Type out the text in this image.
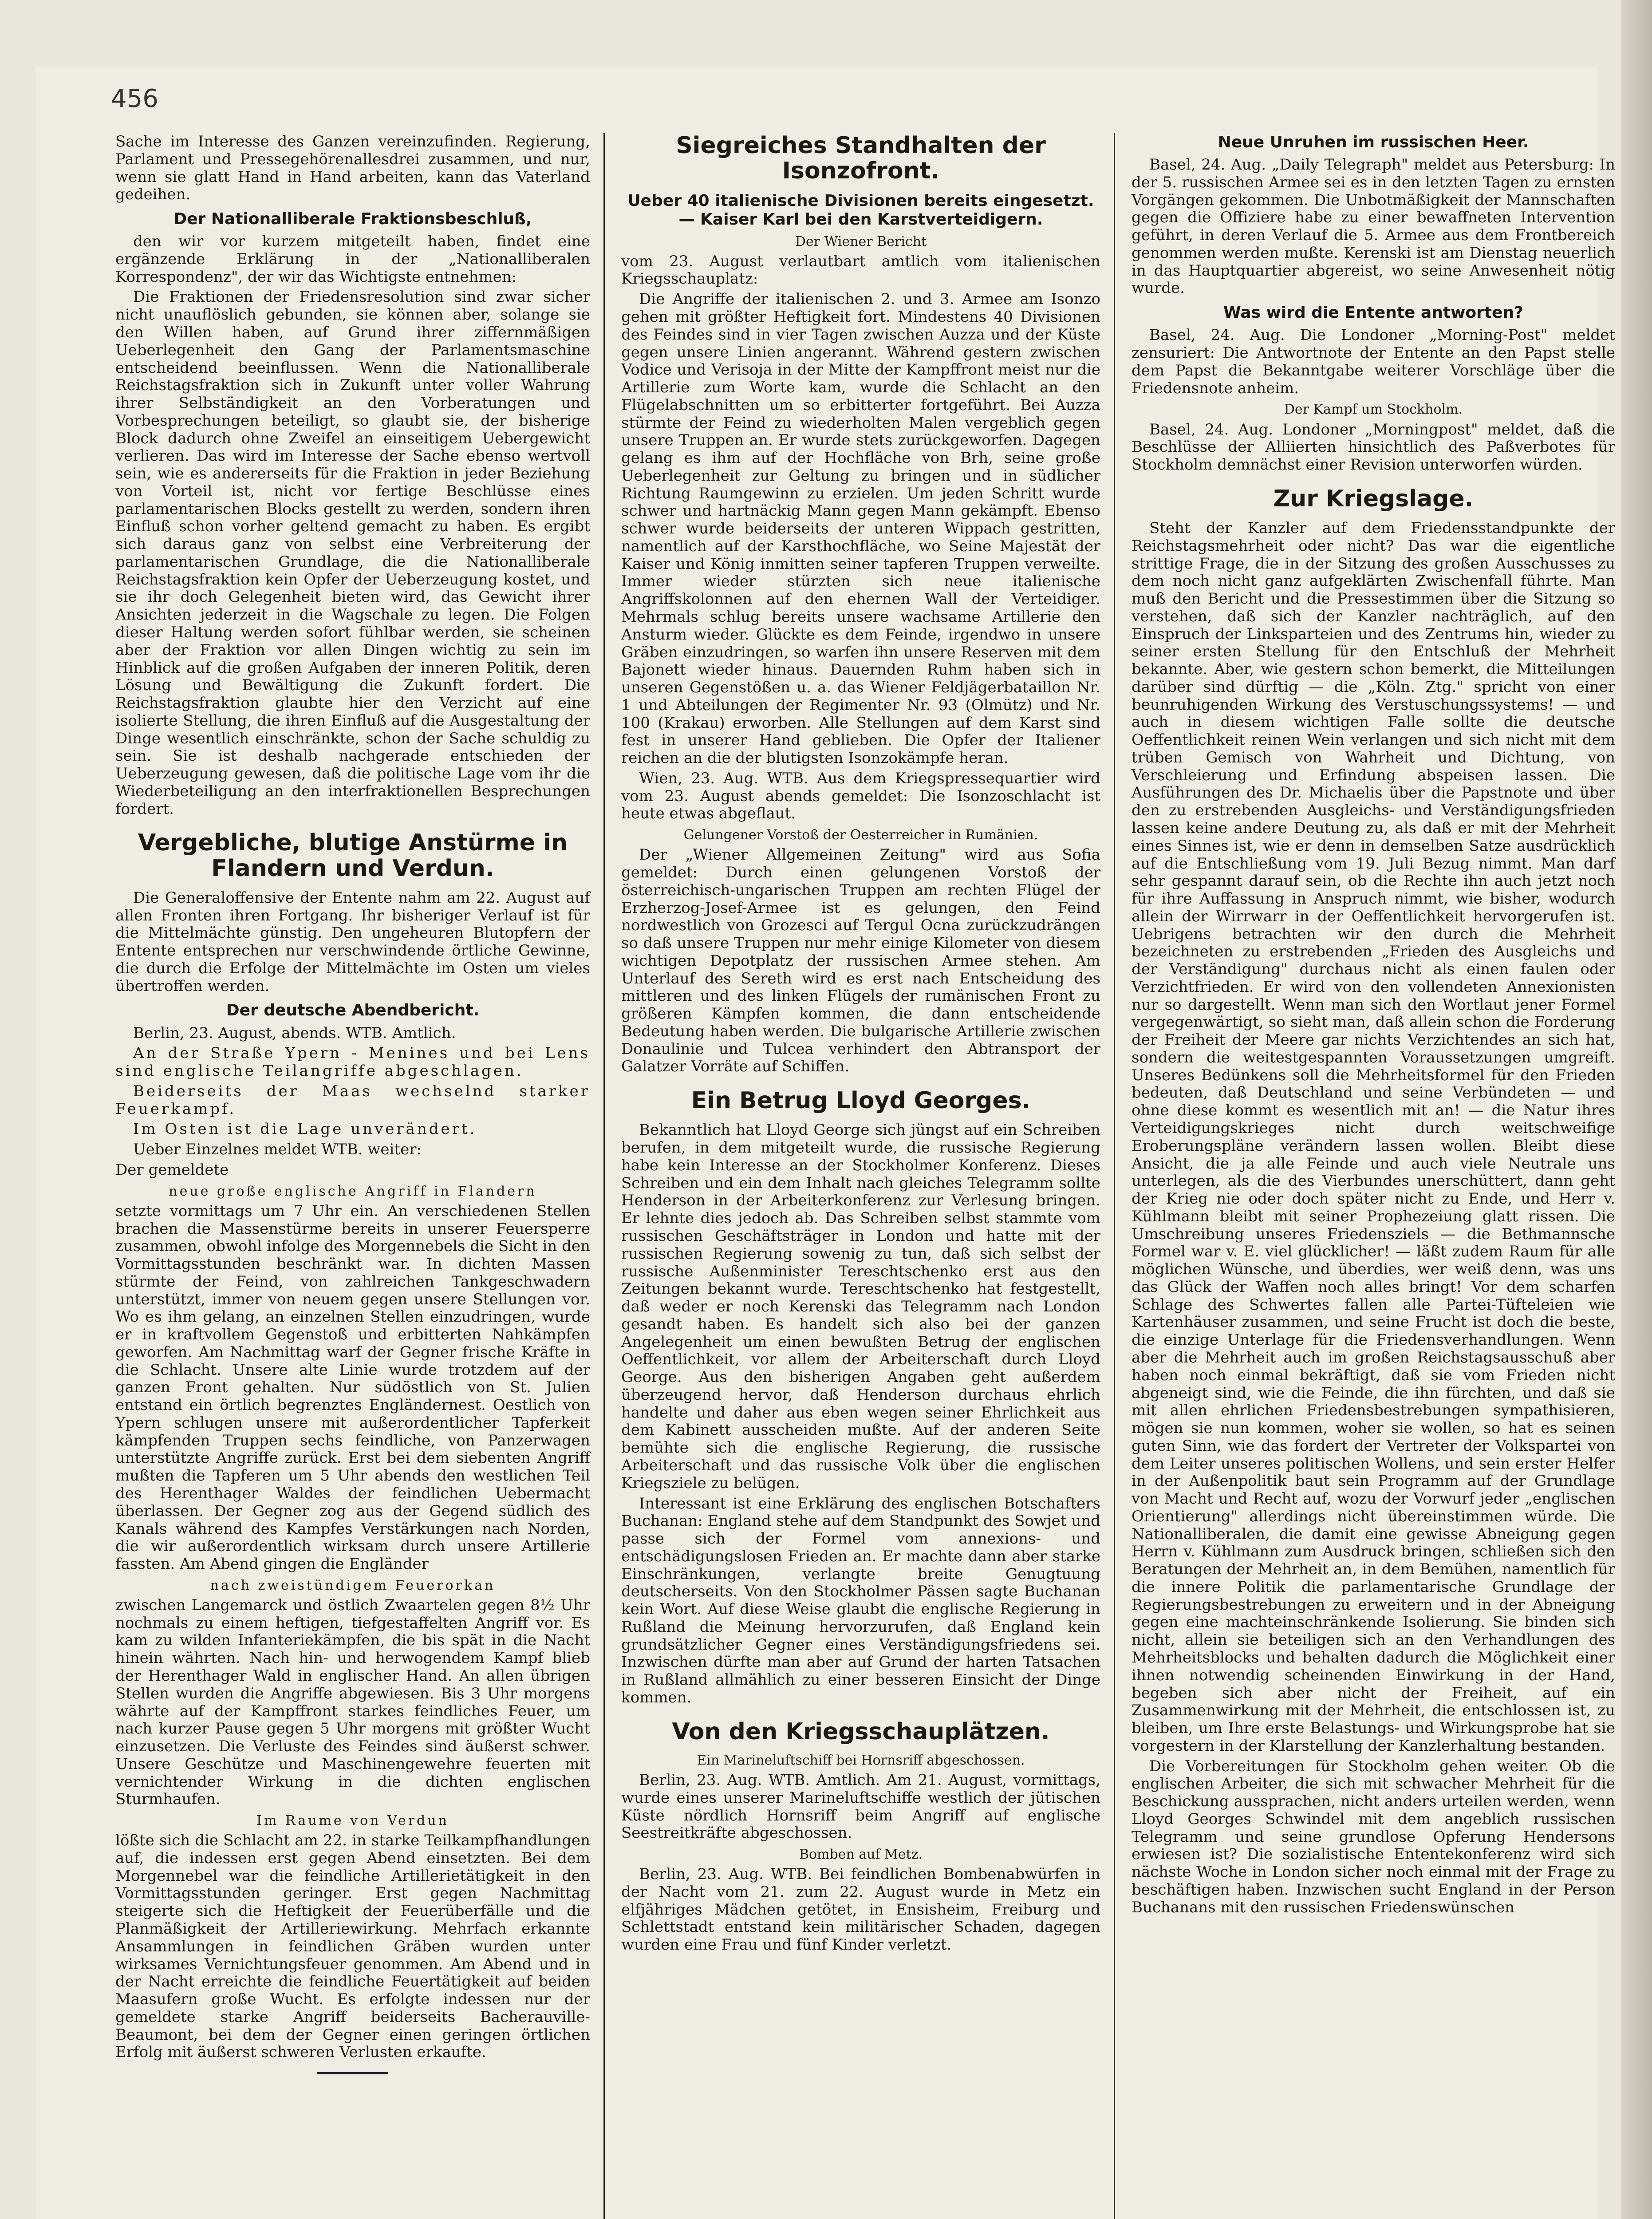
456

Sache im Interesse des Ganzen vereinzufinden. Regierung, Parlament und Pressegehörenallesdrei zusammen, und nur, wenn sie glatt Hand in Hand arbeiten, kann das Vaterland gedeihen.

Der Nationalliberale Fraktionsbeschluß,

den wir vor kurzem mitgeteilt haben, findet eine ergänzende Erklärung in der „Nationalliberalen Korrespondenz", der wir das Wichtigste entnehmen:

Die Fraktionen der Friedensresolution sind zwar sicher nicht unauflöslich gebunden, sie können aber, solange sie den Willen haben, auf Grund ihrer ziffernmäßigen Ueberlegenheit den Gang der Parlamentsmaschine entscheidend beeinflussen. Wenn die Nationalliberale Reichstagsfraktion sich in Zukunft unter voller Wahrung ihrer Selbständigkeit an den Vorberatungen und Vorbesprechungen beteiligt, so glaubt sie, der bisherige Block dadurch ohne Zweifel an einseitigem Uebergewicht verlieren. Das wird im Interesse der Sache ebenso wertvoll sein, wie es andererseits für die Fraktion in jeder Beziehung von Vorteil ist, nicht vor fertige Beschlüsse eines parlamentarischen Blocks gestellt zu werden, sondern ihren Einfluß schon vorher geltend gemacht zu haben. Es ergibt sich daraus ganz von selbst eine Verbreiterung der parlamentarischen Grundlage, die die Nationalliberale Reichstagsfraktion kein Opfer der Ueberzeugung kostet, und sie ihr doch Gelegenheit bieten wird, das Gewicht ihrer Ansichten jederzeit in die Wagschale zu legen. Die Folgen dieser Haltung werden sofort fühlbar werden, sie scheinen aber der Fraktion vor allen Dingen wichtig zu sein im Hinblick auf die großen Aufgaben der inneren Politik, deren Lösung und Bewältigung die Zukunft fordert. Die Reichstagsfraktion glaubte hier den Verzicht auf eine isolierte Stellung, die ihren Einfluß auf die Ausgestaltung der Dinge wesentlich einschränkte, schon der Sache schuldig zu sein. Sie ist deshalb nachgerade entschieden der Ueberzeugung gewesen, daß die politische Lage vom ihr die Wiederbeteiligung an den interfraktionellen Besprechungen fordert.

Vergebliche, blutige Anstürme in Flandern und Verdun.

Die Generaloffensive der Entente nahm am 22. August auf allen Fronten ihren Fortgang. Ihr bisheriger Verlauf ist für die Mittelmächte günstig. Den ungeheuren Blutopfern der Entente entsprechen nur verschwindende örtliche Gewinne, die durch die Erfolge der Mittelmächte im Osten um vieles übertroffen werden.

Der deutsche Abendbericht.

Berlin, 23. August, abends. WTB. Amtlich.

An der Straße Ypern - Menines und bei Lens sind englische Teilangriffe abgeschlagen.

Beiderseits der Maas wechselnd starker Feuerkampf.

Im Osten ist die Lage unverändert.

Ueber Einzelnes meldet WTB. weiter:

Der gemeldete

neue große englische Angriff in Flandern

setzte vormittags um 7 Uhr ein. An verschiedenen Stellen brachen die Massenstürme bereits in unserer Feuersperre zusammen, obwohl infolge des Morgennebels die Sicht in den Vormittagsstunden beschränkt war. In dichten Massen stürmte der Feind, von zahlreichen Tankgeschwadern unterstützt, immer von neuem gegen unsere Stellungen vor. Wo es ihm gelang, an einzelnen Stellen einzudringen, wurde er in kraftvollem Gegenstoß und erbitterten Nahkämpfen geworfen. Am Nachmittag warf der Gegner frische Kräfte in die Schlacht. Unsere alte Linie wurde trotzdem auf der ganzen Front gehalten. Nur südöstlich von St. Julien entstand ein örtlich begrenztes Engländernest. Oestlich von Ypern schlugen unsere mit außerordentlicher Tapferkeit kämpfenden Truppen sechs feindliche, von Panzerwagen unterstützte Angriffe zurück. Erst bei dem siebenten Angriff mußten die Tapferen um 5 Uhr abends den westlichen Teil des Herenthager Waldes der feindlichen Uebermacht überlassen. Der Gegner zog aus der Gegend südlich des Kanals während des Kampfes Verstärkungen nach Norden, die wir außerordentlich wirksam durch unsere Artillerie fassten. Am Abend gingen die Engländer

nach zweistündigem Feuerorkan

zwischen Langemarck und östlich Zwaartelen gegen 8½ Uhr nochmals zu einem heftigen, tiefgestaffelten Angriff vor. Es kam zu wilden Infanteriekämpfen, die bis spät in die Nacht hinein währten. Nach hin- und herwogendem Kampf blieb der Herenthager Wald in englischer Hand. An allen übrigen Stellen wurden die Angriffe abgewiesen. Bis 3 Uhr morgens währte auf der Kampffront starkes feindliches Feuer, um nach kurzer Pause gegen 5 Uhr morgens mit größter Wucht einzusetzen. Die Verluste des Feindes sind äußerst schwer. Unsere Geschütze und Maschinengewehre feuerten mit vernichtender Wirkung in die dichten englischen Sturmhaufen.

Im Raume von Verdun

lößte sich die Schlacht am 22. in starke Teilkampfhandlungen auf, die indessen erst gegen Abend einsetzten. Bei dem Morgennebel war die feindliche Artillerietätigkeit in den Vormittagsstunden geringer. Erst gegen Nachmittag steigerte sich die Heftigkeit der Feuerüberfälle und die Planmäßigkeit der Artilleriewirkung. Mehrfach erkannte Ansammlungen in feindlichen Gräben wurden unter wirksames Vernichtungsfeuer genommen. Am Abend und in der Nacht erreichte die feindliche Feuertätigkeit auf beiden Maasufern große Wucht. Es erfolgte indessen nur der gemeldete starke Angriff beiderseits Bacherauville-Beaumont, bei dem der Gegner einen geringen örtlichen Erfolg mit äußerst schweren Verlusten erkaufte.

Siegreiches Standhalten der Isonzofront.
Ueber 40 italienische Divisionen bereits eingesetzt. — Kaiser Karl bei den Karstverteidigern.
Der Wiener Bericht

vom 23. August verlautbart amtlich vom italienischen Kriegsschauplatz:

Die Angriffe der italienischen 2. und 3. Armee am Isonzo gehen mit größter Heftigkeit fort. Mindestens 40 Divisionen des Feindes sind in vier Tagen zwischen Auzza und der Küste gegen unsere Linien angerannt. Während gestern zwischen Vodice und Verisoja in der Mitte der Kampffront meist nur die Artillerie zum Worte kam, wurde die Schlacht an den Flügelabschnitten um so erbitterter fortgeführt. Bei Auzza stürmte der Feind zu wiederholten Malen vergeblich gegen unsere Truppen an. Er wurde stets zurückgeworfen. Dagegen gelang es ihm auf der Hochfläche von Brh, seine große Ueberlegenheit zur Geltung zu bringen und in südlicher Richtung Raumgewinn zu erzielen. Um jeden Schritt wurde schwer und hartnäckig Mann gegen Mann gekämpft. Ebenso schwer wurde beiderseits der unteren Wippach gestritten, namentlich auf der Karsthochfläche, wo Seine Majestät der Kaiser und König inmitten seiner tapferen Truppen verweilte. Immer wieder stürzten sich neue italienische Angriffskolonnen auf den ehernen Wall der Verteidiger. Mehrmals schlug bereits unsere wachsame Artillerie den Ansturm wieder. Glückte es dem Feinde, irgendwo in unsere Gräben einzudringen, so warfen ihn unsere Reserven mit dem Bajonett wieder hinaus. Dauernden Ruhm haben sich in unseren Gegenstößen u. a. das Wiener Feldjägerbataillon Nr. 1 und Abteilungen der Regimenter Nr. 93 (Olmütz) und Nr. 100 (Krakau) erworben. Alle Stellungen auf dem Karst sind fest in unserer Hand geblieben. Die Opfer der Italiener reichen an die der blutigsten Isonzokämpfe heran.

Wien, 23. Aug. WTB. Aus dem Kriegspressequartier wird vom 23. August abends gemeldet: Die Isonzoschlacht ist heute etwas abgeflaut.

Gelungener Vorstoß der Oesterreicher in Rumänien.

Der „Wiener Allgemeinen Zeitung" wird aus Sofia gemeldet: Durch einen gelungenen Vorstoß der österreichisch-ungarischen Truppen am rechten Flügel der Erzherzog-Josef-Armee ist es gelungen, den Feind nordwestlich von Grozesci auf Tergul Ocna zurückzudrängen so daß unsere Truppen nur mehr einige Kilometer von diesem wichtigen Depotplatz der russischen Armee stehen. Am Unterlauf des Sereth wird es erst nach Entscheidung des mittleren und des linken Flügels der rumänischen Front zu größeren Kämpfen kommen, die dann entscheidende Bedeutung haben werden. Die bulgarische Artillerie zwischen Donaulinie und Tulcea verhindert den Abtransport der Galatzer Vorräte auf Schiffen.

Ein Betrug Lloyd Georges.

Bekanntlich hat Lloyd George sich jüngst auf ein Schreiben berufen, in dem mitgeteilt wurde, die russische Regierung habe kein Interesse an der Stockholmer Konferenz. Dieses Schreiben und ein dem Inhalt nach gleiches Telegramm sollte Henderson in der Arbeiterkonferenz zur Verlesung bringen. Er lehnte dies jedoch ab. Das Schreiben selbst stammte vom russischen Geschäftsträger in London und hatte mit der russischen Regierung sowenig zu tun, daß sich selbst der russische Außenminister Tereschtschenko erst aus den Zeitungen bekannt wurde. Tereschtschenko hat festgestellt, daß weder er noch Kerenski das Telegramm nach London gesandt haben. Es handelt sich also bei der ganzen Angelegenheit um einen bewußten Betrug der englischen Oeffentlichkeit, vor allem der Arbeiterschaft durch Lloyd George. Aus den bisherigen Angaben geht außerdem überzeugend hervor, daß Henderson durchaus ehrlich handelte und daher aus eben wegen seiner Ehrlichkeit aus dem Kabinett ausscheiden mußte. Auf der anderen Seite bemühte sich die englische Regierung, die russische Arbeiterschaft und das russische Volk über die englischen Kriegsziele zu belügen.

Interessant ist eine Erklärung des englischen Botschafters Buchanan: England stehe auf dem Standpunkt des Sowjet und passe sich der Formel vom annexions- und entschädigungslosen Frieden an. Er machte dann aber starke Einschränkungen, verlangte breite Genugtuung deutscherseits. Von den Stockholmer Pässen sagte Buchanan kein Wort. Auf diese Weise glaubt die englische Regierung in Rußland die Meinung hervorzurufen, daß England kein grundsätzlicher Gegner eines Verständigungsfriedens sei. Inzwischen dürfte man aber auf Grund der harten Tatsachen in Rußland allmählich zu einer besseren Einsicht der Dinge kommen.

Von den Kriegsschauplätzen.
Ein Marineluftschiff bei Hornsriff abgeschossen.

Berlin, 23. Aug. WTB. Amtlich. Am 21. August, vormittags, wurde eines unserer Marineluftschiffe westlich der jütischen Küste nördlich Hornsriff beim Angriff auf englische Seestreitkräfte abgeschossen.

Bomben auf Metz.

Berlin, 23. Aug. WTB. Bei feindlichen Bombenabwürfen in der Nacht vom 21. zum 22. August wurde in Metz ein elfjähriges Mädchen getötet, in Ensisheim, Freiburg und Schlettstadt entstand kein militärischer Schaden, dagegen wurden eine Frau und fünf Kinder verletzt.

Neue Unruhen im russischen Heer.

Basel, 24. Aug. „Daily Telegraph" meldet aus Petersburg: In der 5. russischen Armee sei es in den letzten Tagen zu ernsten Vorgängen gekommen. Die Unbotmäßigkeit der Mannschaften gegen die Offiziere habe zu einer bewaffneten Intervention geführt, in deren Verlauf die 5. Armee aus dem Frontbereich genommen werden mußte. Kerenski ist am Dienstag neuerlich in das Hauptquartier abgereist, wo seine Anwesenheit nötig wurde.

Was wird die Entente antworten?

Basel, 24. Aug. Die Londoner „Morning-Post" meldet zensuriert: Die Antwortnote der Entente an den Papst stelle dem Papst die Bekanntgabe weiterer Vorschläge über die Friedensnote anheim.

Der Kampf um Stockholm.

Basel, 24. Aug. Londoner „Morningpost" meldet, daß die Beschlüsse der Alliierten hinsichtlich des Paßverbotes für Stockholm demnächst einer Revision unterworfen würden.

Zur Kriegslage.

Steht der Kanzler auf dem Friedensstandpunkte der Reichstagsmehrheit oder nicht? Das war die eigentliche strittige Frage, die in der Sitzung des großen Ausschusses zu dem noch nicht ganz aufgeklärten Zwischenfall führte. Man muß den Bericht und die Pressestimmen über die Sitzung so verstehen, daß sich der Kanzler nachträglich, auf den Einspruch der Linksparteien und des Zentrums hin, wieder zu seiner ersten Stellung für den Entschluß der Mehrheit bekannte. Aber, wie gestern schon bemerkt, die Mitteilungen darüber sind dürftig — die „Köln. Ztg." spricht von einer beunruhigenden Wirkung des Verstuschungssystems! — und auch in diesem wichtigen Falle sollte die deutsche Oeffentlichkeit reinen Wein verlangen und sich nicht mit dem trüben Gemisch von Wahrheit und Dichtung, von Verschleierung und Erfindung abspeisen lassen. Die Ausführungen des Dr. Michaelis über die Papstnote und über den zu erstrebenden Ausgleichs- und Verständigungsfrieden lassen keine andere Deutung zu, als daß er mit der Mehrheit eines Sinnes ist, wie er denn in demselben Satze ausdrücklich auf die Entschließung vom 19. Juli Bezug nimmt. Man darf sehr gespannt darauf sein, ob die Rechte ihn auch jetzt noch für ihre Auffassung in Anspruch nimmt, wie bisher, wodurch allein der Wirrwarr in der Oeffentlichkeit hervorgerufen ist. Uebrigens betrachten wir den durch die Mehrheit bezeichneten zu erstrebenden „Frieden des Ausgleichs und der Verständigung" durchaus nicht als einen faulen oder Verzichtfrieden. Er wird von den vollendeten Annexionisten nur so dargestellt. Wenn man sich den Wortlaut jener Formel vergegenwärtigt, so sieht man, daß allein schon die Forderung der Freiheit der Meere gar nichts Verzichtendes an sich hat, sondern die weitestgespannten Voraussetzungen umgreift. Unseres Bedünkens soll die Mehrheitsformel für den Frieden bedeuten, daß Deutschland und seine Verbündeten — und ohne diese kommt es wesentlich mit an! — die Natur ihres Verteidigungskrieges nicht durch weitschweifige Eroberungspläne verändern lassen wollen. Bleibt diese Ansicht, die ja alle Feinde und auch viele Neutrale uns unterlegen, als die des Vierbundes unerschüttert, dann geht der Krieg nie oder doch später nicht zu Ende, und Herr v. Kühlmann bleibt mit seiner Prophezeiung glatt rissen. Die Umschreibung unseres Friedensziels — die Bethmannsche Formel war v. E. viel glücklicher! — läßt zudem Raum für alle möglichen Wünsche, und überdies, wer weiß denn, was uns das Glück der Waffen noch alles bringt! Vor dem scharfen Schlage des Schwertes fallen alle Partei-Tüfteleien wie Kartenhäuser zusammen, und seine Frucht ist doch die beste, die einzige Unterlage für die Friedensverhandlungen. Wenn aber die Mehrheit auch im großen Reichstagsausschuß aber haben noch einmal bekräftigt, daß sie vom Frieden nicht abgeneigt sind, wie die Feinde, die ihn fürchten, und daß sie mit allen ehrlichen Friedensbestrebungen sympathisieren, mögen sie nun kommen, woher sie wollen, so hat es seinen guten Sinn, wie das fordert der Vertreter der Volkspartei von dem Leiter unseres politischen Wollens, und sein erster Helfer in der Außenpolitik baut sein Programm auf der Grundlage von Macht und Recht auf, wozu der Vorwurf jeder „englischen Orientierung" allerdings nicht übereinstimmen würde. Die Nationalliberalen, die damit eine gewisse Abneigung gegen Herrn v. Kühlmann zum Ausdruck bringen, schließen sich den Beratungen der Mehrheit an, in dem Bemühen, namentlich für die innere Politik die parlamentarische Grundlage der Regierungsbestrebungen zu erweitern und in der Abneigung gegen eine machteinschränkende Isolierung. Sie binden sich nicht, allein sie beteiligen sich an den Verhandlungen des Mehrheitsblocks und behalten dadurch die Möglichkeit einer ihnen notwendig scheinenden Einwirkung in der Hand, begeben sich aber nicht der Freiheit, auf ein Zusammenwirkung mit der Mehrheit, die entschlossen ist, zu bleiben, um Ihre erste Belastungs- und Wirkungsprobe hat sie vorgestern in der Klarstellung der Kanzlerhaltung bestanden.

Die Vorbereitungen für Stockholm gehen weiter. Ob die englischen Arbeiter, die sich mit schwacher Mehrheit für die Beschickung aussprachen, nicht anders urteilen werden, wenn Lloyd Georges Schwindel mit dem angeblich russischen Telegramm und seine grundlose Opferung Hendersons erwiesen ist? Die sozialistische Ententekonferenz wird sich nächste Woche in London sicher noch einmal mit der Frage zu beschäftigen haben. Inzwischen sucht England in der Person Buchanans mit den russischen Friedenswünschen
